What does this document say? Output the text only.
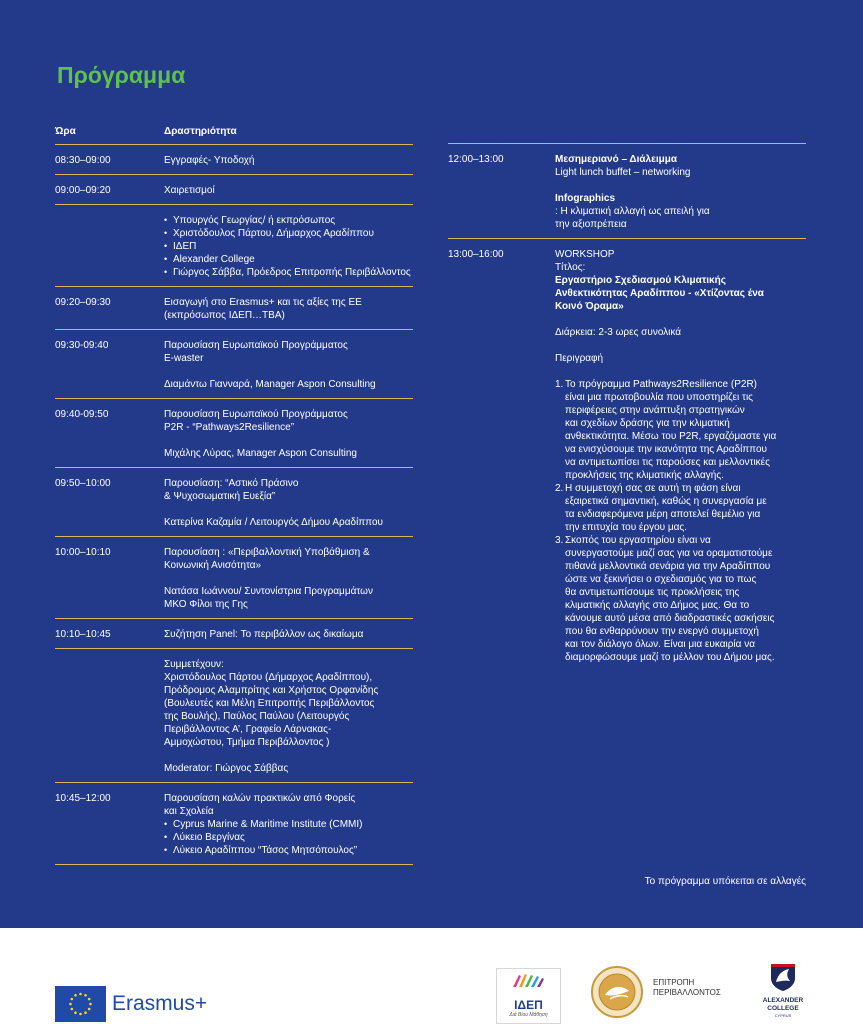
Πρόγραμμα
Ώρα	Δραστηριότητα
08:30–09:00	Εγγραφές- Υποδοχή

09:00–09:20	Χαιρετισμοί

• Υπουργός Γεωργίας/ ή εκπρόσωπος
• Χριστόδουλος Πάρτου, Δήμαρχος Αραδίππου
• ΙΔΕΠ
• Alexander College
• Γιώργος Σάββα, Πρόεδρος Επιτροπής Περιβάλλοντος
09:20–09:30	Εισαγωγή στο Erasmus+ και τις αξίες της ΕΕ
(εκπρόσωπος ΙΔΕΠ…ΤΒΑ)

09:30-09:40	Παρουσίαση Ευρωπαϊκού Προγράμματος
E-waster

Διαμάντω Γιανναρά, Manager Aspon Consulting

09:40-09:50	Παρουσίαση Ευρωπαϊκού Προγράμματος
P2R - “Pathways2Resilience”

Μιχάλης Λύρας, Manager Aspon Consulting

09:50–10:00	Παρουσίαση: “Αστικό Πράσινο
& Ψυχοσωματική Ευεξία”

Κατερίνα Καζαμία / Λειτουργός Δήμου Αραδίππου

10:00–10:10	Παρουσίαση : «Περιβαλλοντική Υποβάθμιση &
Κοινωνική Ανισότητα»

Νατάσα Ιωάννου/ Συντονίστρια Προγραμμάτων
ΜΚΟ Φίλοι της Γης

10:10–10:45	Συζήτηση Panel: Το περιβάλλον ως δικαίωμα

Συμμετέχουν:
Χριστόδουλος Πάρτου (Δήμαρχος Αραδίππου),
Πρόδρομος Αλαμπρίτης και Χρήστος Ορφανίδης
(Βουλευτές και Μέλη Επιτροπής Περιβάλλοντος
της Βουλής), Παύλος Παύλου (Λειτουργός
Περιβάλλοντος Α’, Γραφείο Λάρνακας-
Αμμοχώστου, Τμήμα Περιβάλλοντος )

Moderator: Γιώργος Σάββας

10:45–12:00	Παρουσίαση καλών πρακτικών από Φορείς
και Σχολεία

• Cyprus Marine & Maritime Institute (CMMI)
• Λύκειο Βεργίνας
• Λύκειο Αραδίππου “Τάσος Μητσόπουλος”
12:00–13:00	Μεσημεριανό – Διάλειμμα
Light lunch buffet – networking

Infographics
: Η κλιματική αλλαγή ως απειλή για
την αξιοπρέπεια

13:00–16:00	WORKSHOP
Τίτλος:
Εργαστήριο Σχεδιασμού Κλιματικής
Ανθεκτικότητας Αραδίππου - «Χτίζοντας ένα
Κοινό Όραμα»

Διάρκεια: 2-3 ωρες συνολικά

Περιγραφή

1. Το πρόγραμμα Pathways2Resilience (P2R)
είναι μια πρωτοβουλία που υποστηρίζει τις
περιφέρειες στην ανάπτυξη στρατηγικών
και σχεδίων δράσης για την κλιματική
ανθεκτικότητα. Μέσω του P2R, εργαζόμαστε για
να ενισχύσουμε την ικανότητα της Αραδίππου
να αντιμετωπίσει τις παρούσες και μελλοντικές
προκλήσεις της κλιματικής αλλαγής.
2. Η συμμετοχή σας σε αυτή τη φάση είναι
εξαιρετικά σημαντική, καθώς η συνεργασία με
τα ενδιαφερόμενα μέρη αποτελεί θεμέλιο για
την επιτυχία του έργου μας.
3. Σκοπός του εργαστηρίου είναι να
συνεργαστούμε μαζί σας για να οραματιστούμε
πιθανά μελλοντικά σενάρια για την Αραδίππου
ώστε να ξεκινήσει ο σχεδιασμός για το πως
θα αντιμετωπίσουμε τις προκλήσεις της
κλιματικής αλλαγής στο Δήμος μας. Θα το
κάνουμε αυτό μέσα από διαδραστικές ασκήσεις
που θα ενθαρρύνουν την ενεργό συμμετοχή
και τον διάλογο όλων. Είναι μια ευκαιρία να
διαμορφώσουμε μαζί το μέλλον του Δήμου μας.
Το πρόγραμμα υπόκειται σε αλλαγές
Erasmus+	ΙΔΕΠ
Διά Βίου Μάθηση
ΕΠΙΤΡΟΠΗ
ΠΕΡΙΒΑΛΛΟΝΤΟΣ
ALEXANDER
COLLEGE
CYPRUS
